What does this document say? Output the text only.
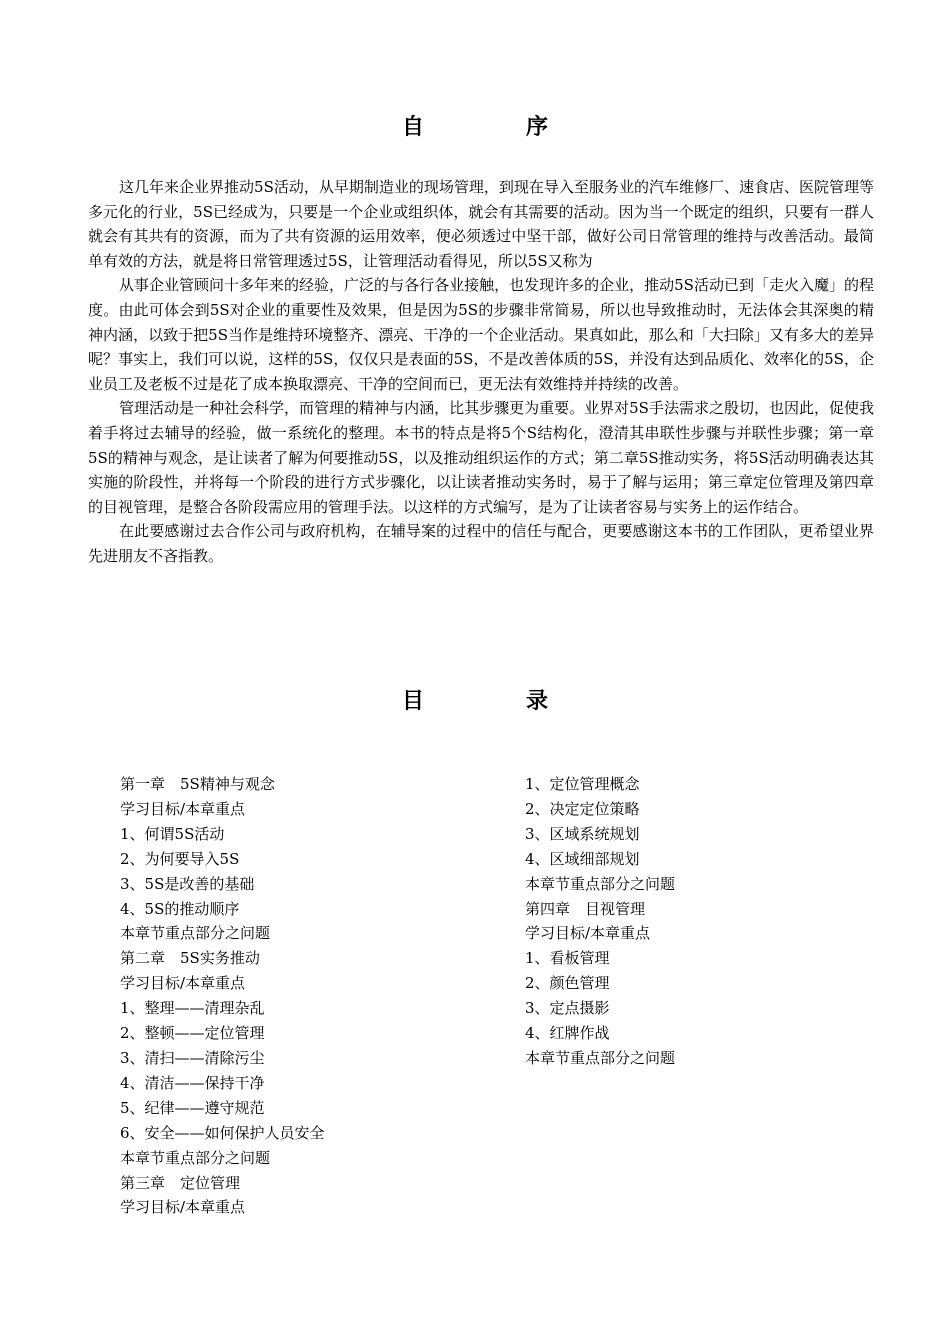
自　序

这几年来企业界推动5S活动，从早期制造业的现场管理，到现在导入至服务业的汽车维修厂、速食店、医院管理等多元化的行业，5S已经成为，只要是一个企业或组织体，就会有其需要的活动。因为当一个既定的组织，只要有一群人就会有其共有的资源，而为了共有资源的运用效率，便必须透过中坚干部，做好公司日常管理的维持与改善活动。最简单有效的方法，就是将日常管理透过5S，让管理活动看得见，所以5S又称为

从事企业管顾问十多年来的经验，广泛的与各行各业接触，也发现许多的企业，推动5S活动已到「走火入魔」的程度。由此可体会到5S对企业的重要性及效果，但是因为5S的步骤非常简易，所以也导致推动时，无法体会其深奥的精神内涵，以致于把5S当作是维持环境整齐、漂亮、干净的一个企业活动。果真如此，那么和「大扫除」又有多大的差异呢？事实上，我们可以说，这样的5S，仅仅只是表面的5S，不是改善体质的5S，并没有达到品质化、效率化的5S，企业员工及老板不过是花了成本换取漂亮、干净的空间而已，更无法有效维持并持续的改善。

管理活动是一种社会科学，而管理的精神与内涵，比其步骤更为重要。业界对5S手法需求之殷切，也因此，促使我着手将过去辅导的经验，做一系统化的整理。本书的特点是将5个S结构化，澄清其串联性步骤与并联性步骤；第一章5S的精神与观念，是让读者了解为何要推动5S，以及推动组织运作的方式；第二章5S推动实务，将5S活动明确表达其实施的阶段性，并将每一个阶段的进行方式步骤化，以让读者推动实务时，易于了解与运用；第三章定位管理及第四章的目视管理，是整合各阶段需应用的管理手法。以这样的方式编写，是为了让读者容易与实务上的运作结合。

在此要感谢过去合作公司与政府机构，在辅导案的过程中的信任与配合，更要感谢这本书的工作团队，更希望业界先进朋友不吝指教。

目　录
第一章　5S精神与观念
学习目标/本章重点
1、何谓5S活动
2、为何要导入5S
3、5S是改善的基础
4、5S的推动顺序
本章节重点部分之问题
第二章　5S实务推动
学习目标/本章重点
1、整理——清理杂乱
2、整顿——定位管理
3、清扫——清除污尘
4、清洁——保持干净
5、纪律——遵守规范
6、安全——如何保护人员安全
本章节重点部分之问题
第三章　定位管理
学习目标/本章重点
1、定位管理概念
2、决定定位策略
3、区域系统规划
4、区域细部规划
本章节重点部分之问题
第四章　目视管理
学习目标/本章重点
1、看板管理
2、颜色管理
3、定点摄影
4、红牌作战
本章节重点部分之问题
